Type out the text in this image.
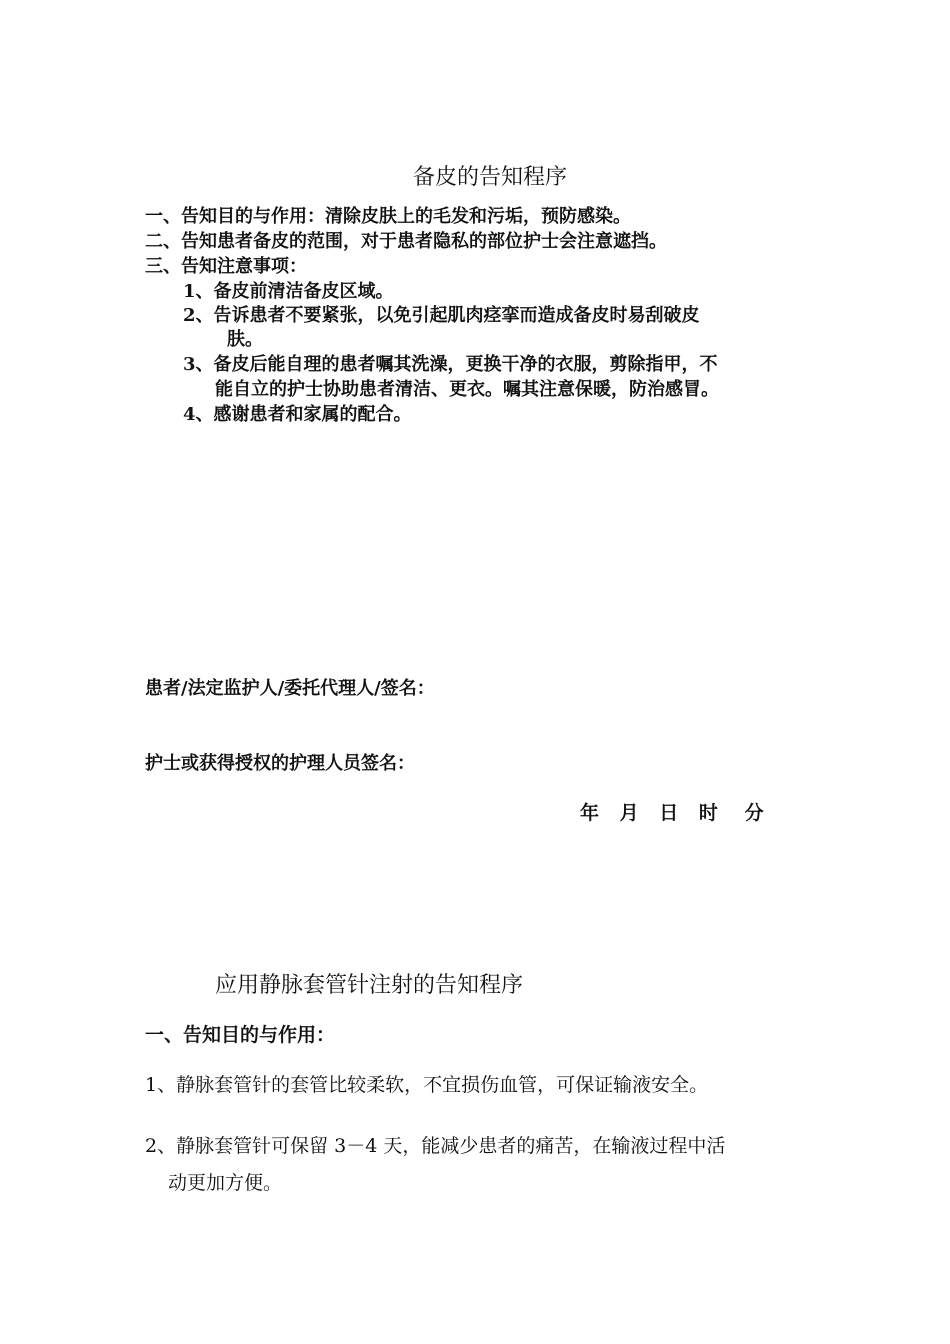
备皮的告知程序
一、告知目的与作用：清除皮肤上的毛发和污垢，预防感染。
二、告知患者备皮的范围，对于患者隐私的部位护士会注意遮挡。
三、告知注意事项：
1、备皮前清洁备皮区域。
2、告诉患者不要紧张，以免引起肌肉痉挛而造成备皮时易刮破皮
肤。
3、备皮后能自理的患者嘱其洗澡，更换干净的衣服，剪除指甲，不
能自立的护士协助患者清洁、更衣。嘱其注意保暖，防治感冒。
4、感谢患者和家属的配合。
患者/法定监护人/委托代理人/签名：
护士或获得授权的护理人员签名：
年 月 日 时 分
应用静脉套管针注射的告知程序
一、告知目的与作用：
1、静脉套管针的套管比较柔软，不宜损伤血管，可保证输液安全。
2、静脉套管针可保留 3－4 天，能减少患者的痛苦，在输液过程中活
动更加方便。
